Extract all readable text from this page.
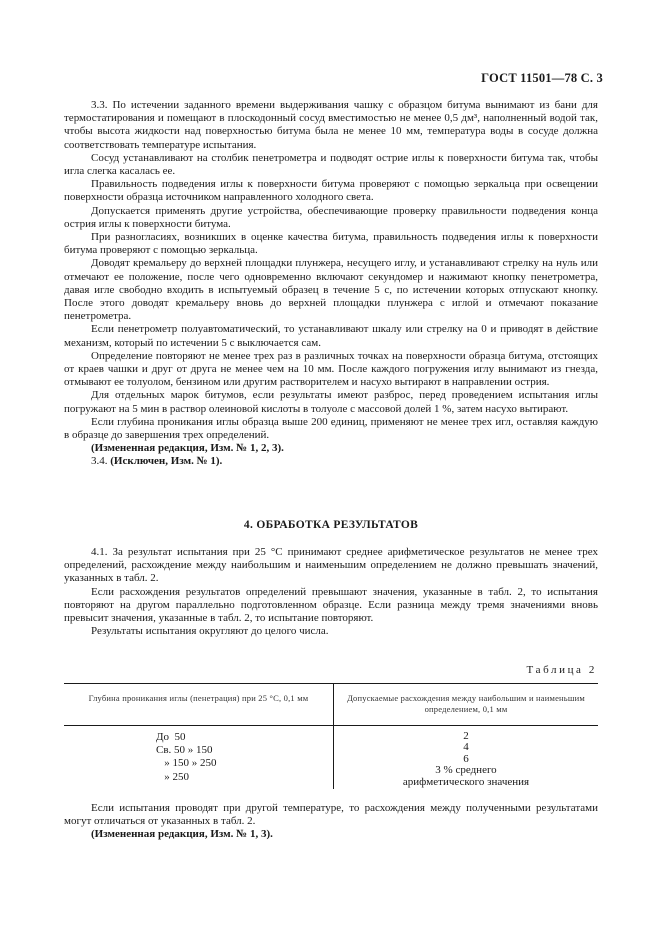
ГОСТ 11501—78 С. 3

3.3. По истечении заданного времени выдерживания чашку с образцом битума вынимают из бани для термостатирования и помещают в плоскодонный сосуд вместимостью не менее 0,5 дм³, наполненный водой так, чтобы высота жидкости над поверхностью битума была не менее 10 мм, температура воды в сосуде должна соответствовать температуре испытания.

Сосуд устанавливают на столбик пенетрометра и подводят острие иглы к поверхности битума так, чтобы игла слегка касалась ее.

Правильность подведения иглы к поверхности битума проверяют с помощью зеркальца при освещении поверхности образца источником направленного холодного света.

Допускается применять другие устройства, обеспечивающие проверку правильности подведения конца острия иглы к поверхности битума.

При разногласиях, возникших в оценке качества битума, правильность подведения иглы к поверхности битума проверяют с помощью зеркальца.

Доводят кремальеру до верхней площадки плунжера, несущего иглу, и устанавливают стрелку на нуль или отмечают ее положение, после чего одновременно включают секундомер и нажимают кнопку пенетрометра, давая игле свободно входить в испытуемый образец в течение 5 с, по истечении которых отпускают кнопку. После этого доводят кремальеру вновь до верхней площадки плунжера с иглой и отмечают показание пенетрометра.

Если пенетрометр полуавтоматический, то устанавливают шкалу или стрелку на 0 и приводят в действие механизм, который по истечении 5 с выключается сам.

Определение повторяют не менее трех раз в различных точках на поверхности образца битума, отстоящих от краев чашки и друг от друга не менее чем на 10 мм. После каждого погружения иглу вынимают из гнезда, отмывают ее толуолом, бензином или другим растворителем и насухо вытирают в направлении острия.

Для отдельных марок битумов, если результаты имеют разброс, перед проведением испытания иглы погружают на 5 мин в раствор олеиновой кислоты в толуоле с массовой долей 1 %, затем насухо вытирают.

Если глубина проникания иглы образца выше 200 единиц, применяют не менее трех игл, оставляя каждую в образце до завершения трех определений.

(Измененная редакция, Изм. № 1, 2, 3).

3.4. (Исключен, Изм. № 1).

4. ОБРАБОТКА РЕЗУЛЬТАТОВ

4.1. За результат испытания при 25 °С принимают среднее арифметическое результатов не менее трех определений, расхождение между наибольшим и наименьшим определением не должно превышать значений, указанных в табл. 2.

Если расхождения результатов определений превышают значения, указанные в табл. 2, то испытания повторяют на другом параллельно подготовленном образце. Если разница между тремя значениями вновь превысит значения, указанные в табл. 2, то испытание повторяют.

Результаты испытания округляют до целого числа.

Таблица 2
Глубина проникания иглы (пенетрация) при 25 °С, 0,1 мм	Допускаемые расхождения между наибольшим и наименьшим определением, 0,1 мм
До  50
Св. 50 » 150
» 150 » 250
» 250
2
4
6
3 % среднего арифметического значения

Если испытания проводят при другой температуре, то расхождения между полученными результатами могут отличаться от указанных в табл. 2.

(Измененная редакция, Изм. № 1, 3).
